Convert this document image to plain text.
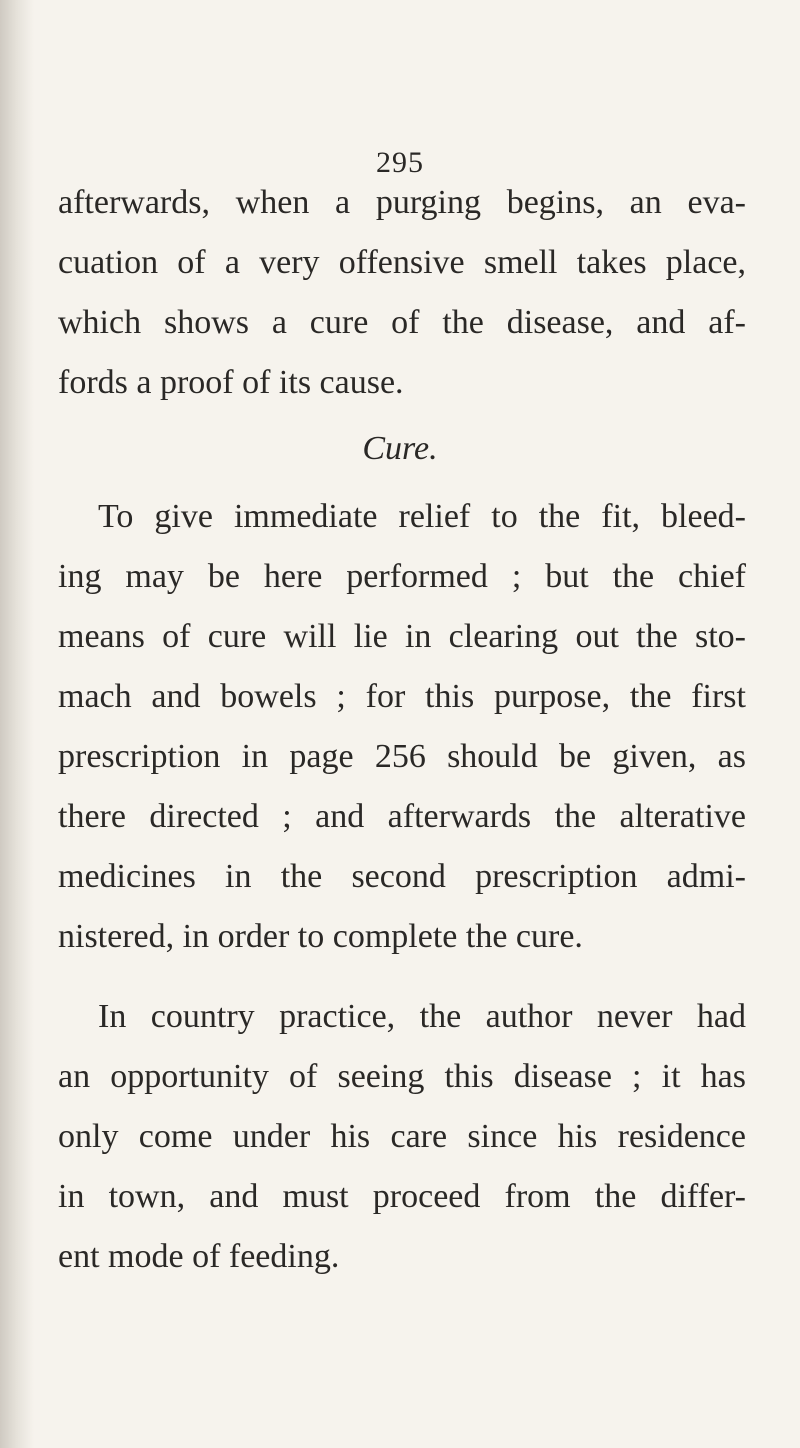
295
afterwards, when a purging begins, an eva-
cuation of a very offensive smell takes place,
which shows a cure of the disease, and af-
fords a proof of its cause.
Cure.
To give immediate relief to the fit, bleed-
ing may be here performed ; but the chief
means of cure will lie in clearing out the sto-
mach and bowels ; for this purpose, the first
prescription in page 256 should be given, as
there directed ; and afterwards the alterative
medicines in the second prescription admi-
nistered, in order to complete the cure.
In country practice, the author never had
an opportunity of seeing this disease ; it has
only come under his care since his residence
in town, and must proceed from the differ-
ent mode of feeding.
